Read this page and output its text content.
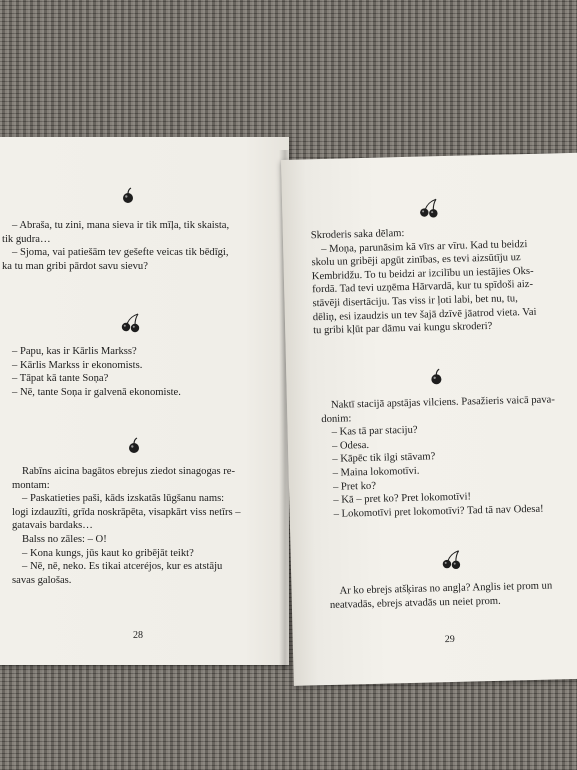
– Abraša, tu zini, mana sieva ir tik mīļa, tik skaista,

tik gudra…

– Sjoma, vai patiešām tev gešefte veicas tik bēdīgi,

ka tu man gribi pārdot savu sievu?

– Papu, kas ir Kārlis Markss?

– Kārlis Markss ir ekonomists.

– Tāpat kā tante Soņa?

– Nē, tante Soņa ir galvenā ekonomiste.

Rabīns aicina bagātos ebrejus ziedot sinagogas re-

montam:

– Paskatieties paši, kāds izskatās lūgšanu nams:

logi izdauzīti, grīda noskrāpēta, visapkārt viss netīrs –

gatavais bardaks…

Balss no zāles: – O!

– Kona kungs, jūs kaut ko gribējāt teikt?

– Nē, nē, neko. Es tikai atceréjos, kur es atstāju

savas galošas.

28

Skroderis saka dēlam:

– Moņa, parunāsim kā vīrs ar vīru. Kad tu beidzi

skolu un gribēji apgūt zinības, es tevi aizsūtīju uz

Kembridžu. To tu beidzi ar izcilību un iestājies Oks-

fordā. Tad tevi uzņēma Hārvardā, kur tu spīdoši aiz-

stāvēji disertāciju. Tas viss ir ļoti labi, bet nu, tu,

dēliņ, esi izaudzis un tev šajā dzīvē jāatrod vieta. Vai

tu gribi kļūt par dāmu vai kungu skroderi?

Naktī stacijā apstājas vilciens. Pasažieris vaicā pava-

donim:

– Kas tā par staciju?

– Odesa.

– Kāpēc tik ilgi stāvam?

– Maina lokomotīvi.

– Pret ko?

– Kā – pret ko? Pret lokomotīvi!

– Lokomotīvi pret lokomotīvi? Tad tā nav Odesa!

Ar ko ebrejs atšķiras no angļa? Anglis iet prom un

neatvadās, ebrejs atvadās un neiet prom.

29
